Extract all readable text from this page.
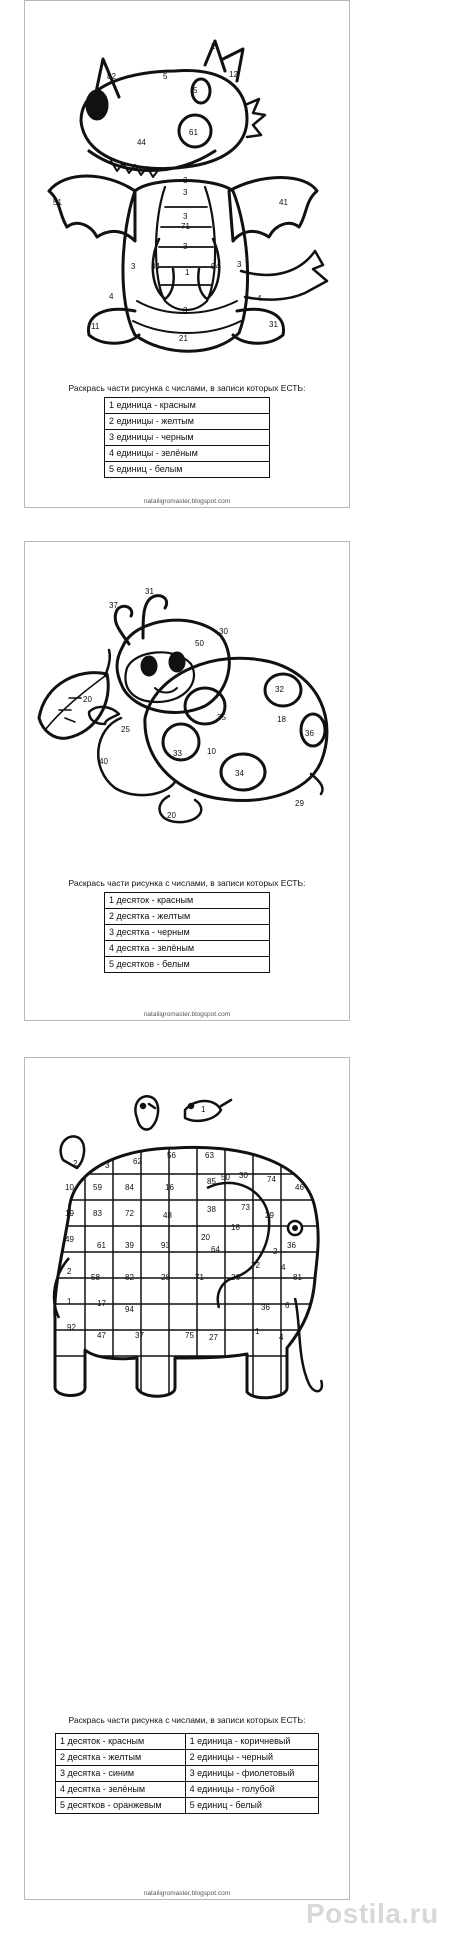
2
82	5	12
5
44
61
51
3
3
41
3
71
3
3 34	94 3
1
4	4
3
11	31
21
Раскрась части рисунка с числами, в записи которых ЕСТЬ:
1 единица - красным
2 единицы - желтым
3 единицы - черным
4 единицы - зелёным
5 единиц - белым
nataliigromaster.blogspot.com
31
37
30
50
32
20
25
35	18
36
33	10
40
34
20
29
Раскрась части рисунка с числами, в записи которых ЕСТЬ:
1 десяток - красным
2 десятка - желтым
3 десятка - черным
4 десятка - зелёным
5 десятков - белым
nataliigromaster.blogspot.com
1
62
56	63
3
2
10 59	84	16
85 50 30 74
46
19 83	72	48
38	73
29
49
61 39	93
20
64
18
2
36
2
58	82	28	71	26
72	4
81
1
94
17	36 6
92
47	37	75 27
1
4
Раскрась части рисунка с числами, в записи которых ЕСТЬ:
1 десяток - красным	1 единица - коричневый
2 десятка - желтым	2 единицы - черный
3 десятка - синим	3 единицы - фиолетовый
4 десятка - зелёным	4 единицы - голубой
5 десятков - оранжевым	5 единиц - белый
nataliigromaster.blogspot.com
Postila.ru
